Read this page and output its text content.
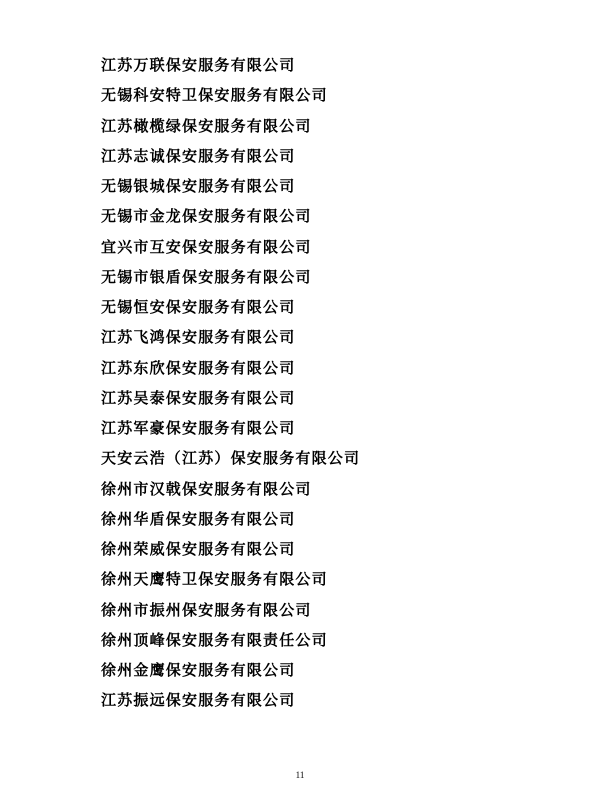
江苏万联保安服务有限公司
无锡科安特卫保安服务有限公司
江苏橄榄绿保安服务有限公司
江苏志诚保安服务有限公司
无锡银城保安服务有限公司
无锡市金龙保安服务有限公司
宜兴市互安保安服务有限公司
无锡市银盾保安服务有限公司
无锡恒安保安服务有限公司
江苏飞鸿保安服务有限公司
江苏东欣保安服务有限公司
江苏吴泰保安服务有限公司
江苏军豪保安服务有限公司
天安云浩（江苏）保安服务有限公司
徐州市汉戟保安服务有限公司
徐州华盾保安服务有限公司
徐州荣威保安服务有限公司
徐州天鹰特卫保安服务有限公司
徐州市振州保安服务有限公司
徐州顶峰保安服务有限责任公司
徐州金鹰保安服务有限公司
江苏振远保安服务有限公司
11
